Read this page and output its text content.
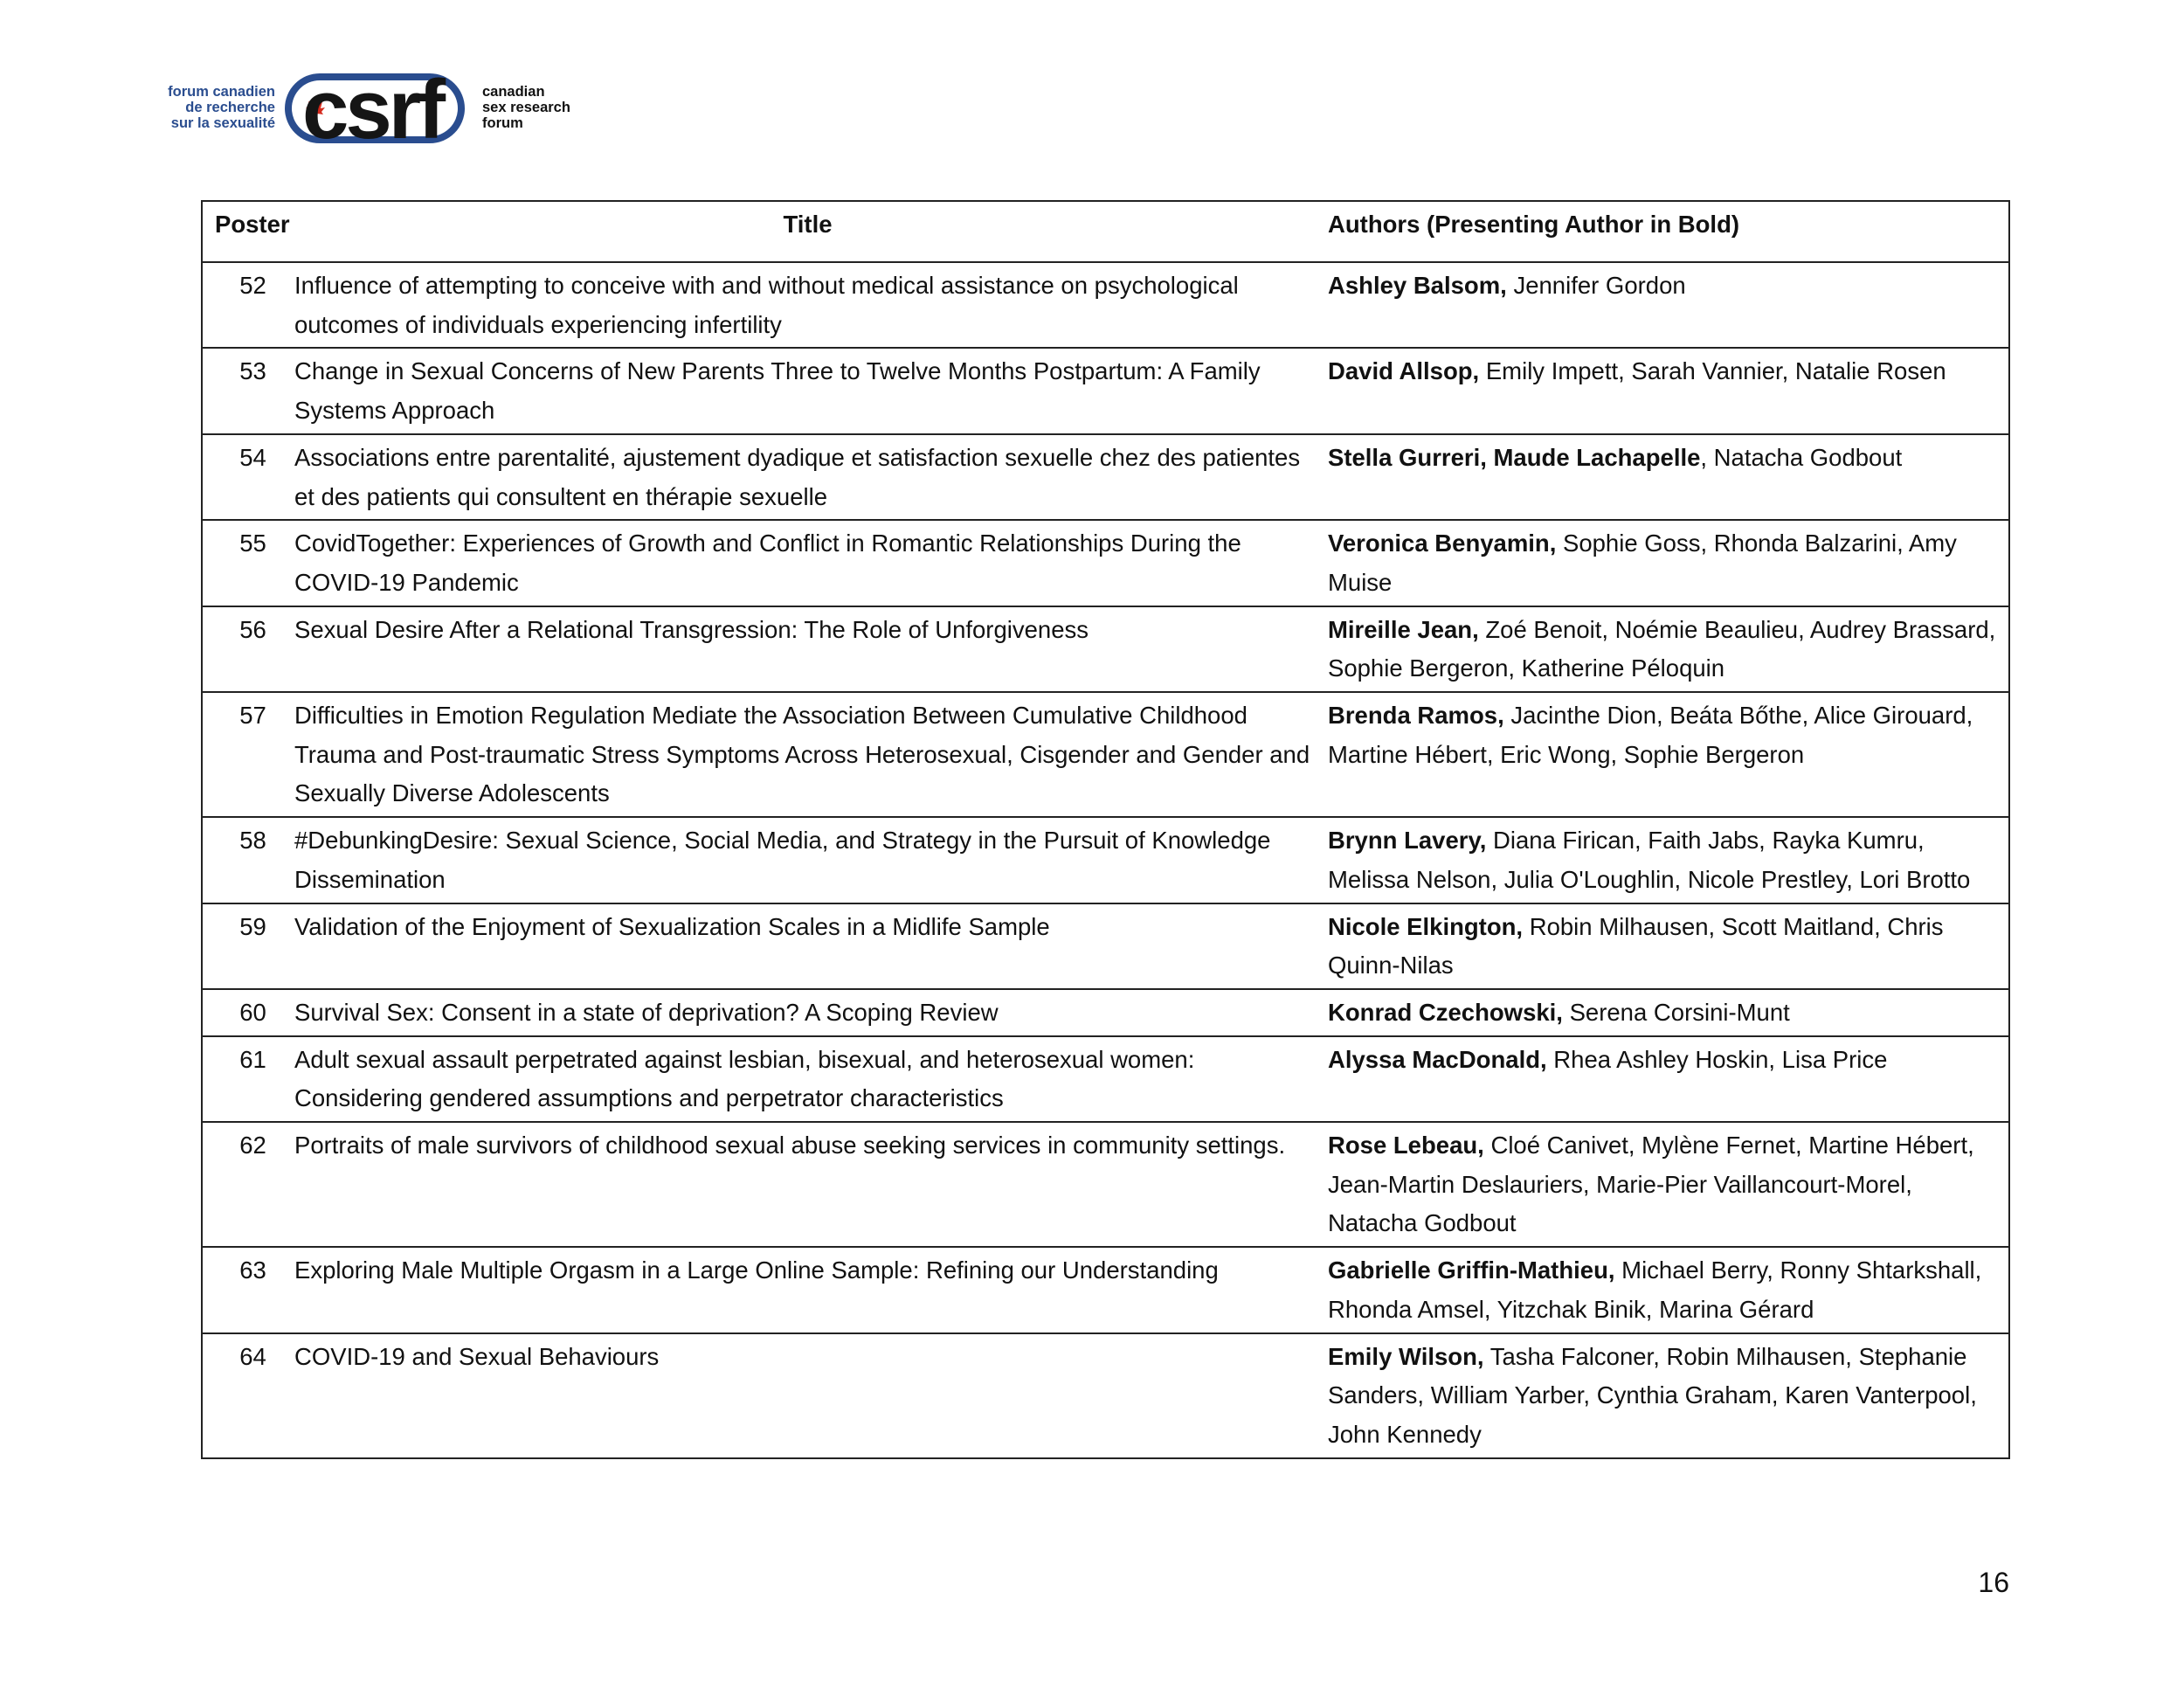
forum canadien
de recherche
sur la sexualité csrf	canadian
sex research
forum
Poster	Title	Authors (Presenting Author in Bold)
52	Influence of attempting to conceive with and without medical assistance on psychological outcomes of individuals experiencing infertility	Ashley Balsom, Jennifer Gordon
53	Change in Sexual Concerns of New Parents Three to Twelve Months Postpartum: A Family Systems Approach	David Allsop, Emily Impett, Sarah Vannier, Natalie Rosen
54	Associations entre parentalité, ajustement dyadique et satisfaction sexuelle chez des patientes et des patients qui consultent en thérapie sexuelle	Stella Gurreri, Maude Lachapelle, Natacha Godbout
55	CovidTogether: Experiences of Growth and Conflict in Romantic Relationships During the COVID-19 Pandemic	Veronica Benyamin, Sophie Goss, Rhonda Balzarini, Amy Muise
56	Sexual Desire After a Relational Transgression: The Role of Unforgiveness	Mireille Jean, Zoé Benoit, Noémie Beaulieu, Audrey Brassard, Sophie Bergeron, Katherine Péloquin
57	Difficulties in Emotion Regulation Mediate the Association Between Cumulative Childhood Trauma and Post-traumatic Stress Symptoms Across Heterosexual, Cisgender and Gender and Sexually Diverse Adolescents	Brenda Ramos, Jacinthe Dion, Beáta Bőthe, Alice Girouard, Martine Hébert, Eric Wong, Sophie Bergeron
58	#DebunkingDesire: Sexual Science, Social Media, and Strategy in the Pursuit of Knowledge Dissemination	Brynn Lavery, Diana Firican, Faith Jabs, Rayka Kumru, Melissa Nelson, Julia O'Loughlin, Nicole Prestley, Lori Brotto
59	Validation of the Enjoyment of Sexualization Scales in a Midlife Sample	Nicole Elkington, Robin Milhausen, Scott Maitland, Chris Quinn-Nilas
60	Survival Sex: Consent in a state of deprivation? A Scoping Review	Konrad Czechowski, Serena Corsini-Munt
61	Adult sexual assault perpetrated against lesbian, bisexual, and heterosexual women: Considering gendered assumptions and perpetrator characteristics	Alyssa MacDonald, Rhea Ashley Hoskin, Lisa Price
62	Portraits of male survivors of childhood sexual abuse seeking services in community settings.	Rose Lebeau, Cloé Canivet, Mylène Fernet, Martine Hébert, Jean-Martin Deslauriers, Marie-Pier Vaillancourt-Morel, Natacha Godbout
63	Exploring Male Multiple Orgasm in a Large Online Sample: Refining our Understanding	Gabrielle Griffin-Mathieu, Michael Berry, Ronny Shtarkshall, Rhonda Amsel, Yitzchak Binik, Marina Gérard
64	COVID-19 and Sexual Behaviours	Emily Wilson, Tasha Falconer, Robin Milhausen, Stephanie Sanders, William Yarber, Cynthia Graham, Karen Vanterpool, John Kennedy
16
